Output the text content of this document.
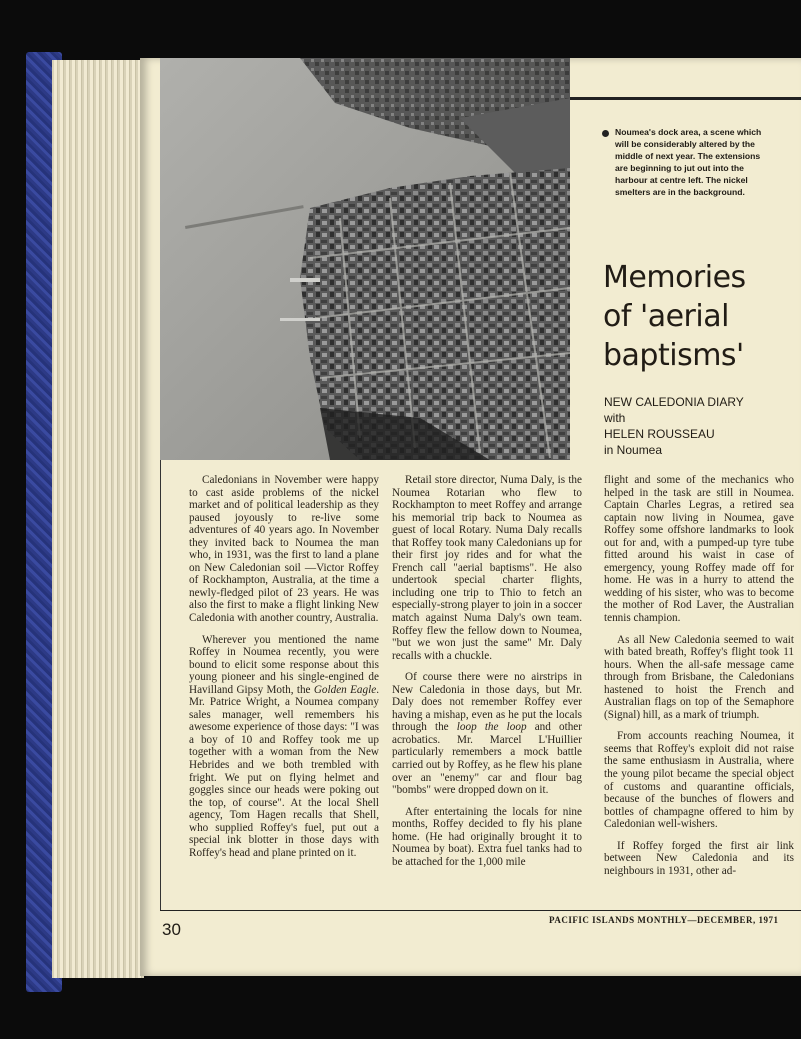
Noumea's dock area, a scene which will be considerably altered by the middle of next year. The extensions are beginning to jut out into the harbour at centre left. The nickel smelters are in the background.
Memories
of 'aerial
baptisms'
NEW CALEDONIA DIARY
with
HELEN ROUSSEAU
in Noumea

Caledonians in November were happy to cast aside problems of the nickel market and of political leadership as they paused joyously to re-live some adventures of 40 years ago. In November they invited back to Noumea the man who, in 1931, was the first to land a plane on New Caledonian soil —Victor Roffey of Rockhampton, Australia, at the time a newly-fledged pilot of 23 years. He was also the first to make a flight linking New Caledonia with another country, Australia.

Wherever you mentioned the name Roffey in Noumea recently, you were bound to elicit some response about this young pioneer and his single-engined de Havilland Gipsy Moth, the Golden Eagle. Mr. Patrice Wright, a Noumea company sales manager, well remembers his awesome experience of those days: "I was a boy of 10 and Roffey took me up together with a woman from the New Hebrides and we both trembled with fright. We put on flying helmet and goggles since our heads were poking out the top, of course". At the local Shell agency, Tom Hagen recalls that Shell, who supplied Roffey's fuel, put out a special ink blotter in those days with Roffey's head and plane printed on it.

Retail store director, Numa Daly, is the Noumea Rotarian who flew to Rockhampton to meet Roffey and arrange his memorial trip back to Noumea as guest of local Rotary. Numa Daly recalls that Roffey took many Caledonians up for their first joy rides and for what the French call "aerial baptisms". He also undertook special charter flights, including one trip to Thio to fetch an especially-strong player to join in a soccer match against Numa Daly's own team. Roffey flew the fellow down to Noumea, "but we won just the same" Mr. Daly recalls with a chuckle.

Of course there were no airstrips in New Caledonia in those days, but Mr. Daly does not remember Roffey ever having a mishap, even as he put the locals through the loop the loop and other acrobatics. Mr. Marcel L'Huillier particularly remembers a mock battle carried out by Roffey, as he flew his plane over an "enemy" car and flour bag "bombs" were dropped down on it.

After entertaining the locals for nine months, Roffey decided to fly his plane home. (He had originally brought it to Noumea by boat). Extra fuel tanks had to be attached for the 1,000 mile

flight and some of the mechanics who helped in the task are still in Noumea. Captain Charles Legras, a retired sea captain now living in Noumea, gave Roffey some offshore landmarks to look out for and, with a pumped-up tyre tube fitted around his waist in case of emergency, young Roffey made off for home. He was in a hurry to attend the wedding of his sister, who was to become the mother of Rod Laver, the Australian tennis champion.

As all New Caledonia seemed to wait with bated breath, Roffey's flight took 11 hours. When the all-safe message came through from Brisbane, the Caledonians hastened to hoist the French and Australian flags on top of the Semaphore (Signal) hill, as a mark of triumph.

From accounts reaching Noumea, it seems that Roffey's exploit did not raise the same enthusiasm in Australia, where the young pilot became the special object of customs and quarantine officials, because of the bunches of flowers and bottles of champagne offered to him by Caledonian well-wishers.

If Roffey forged the first air link between New Caledonia and its neighbours in 1931, other ad-

30	PACIFIC ISLANDS MONTHLY—DECEMBER, 1971
